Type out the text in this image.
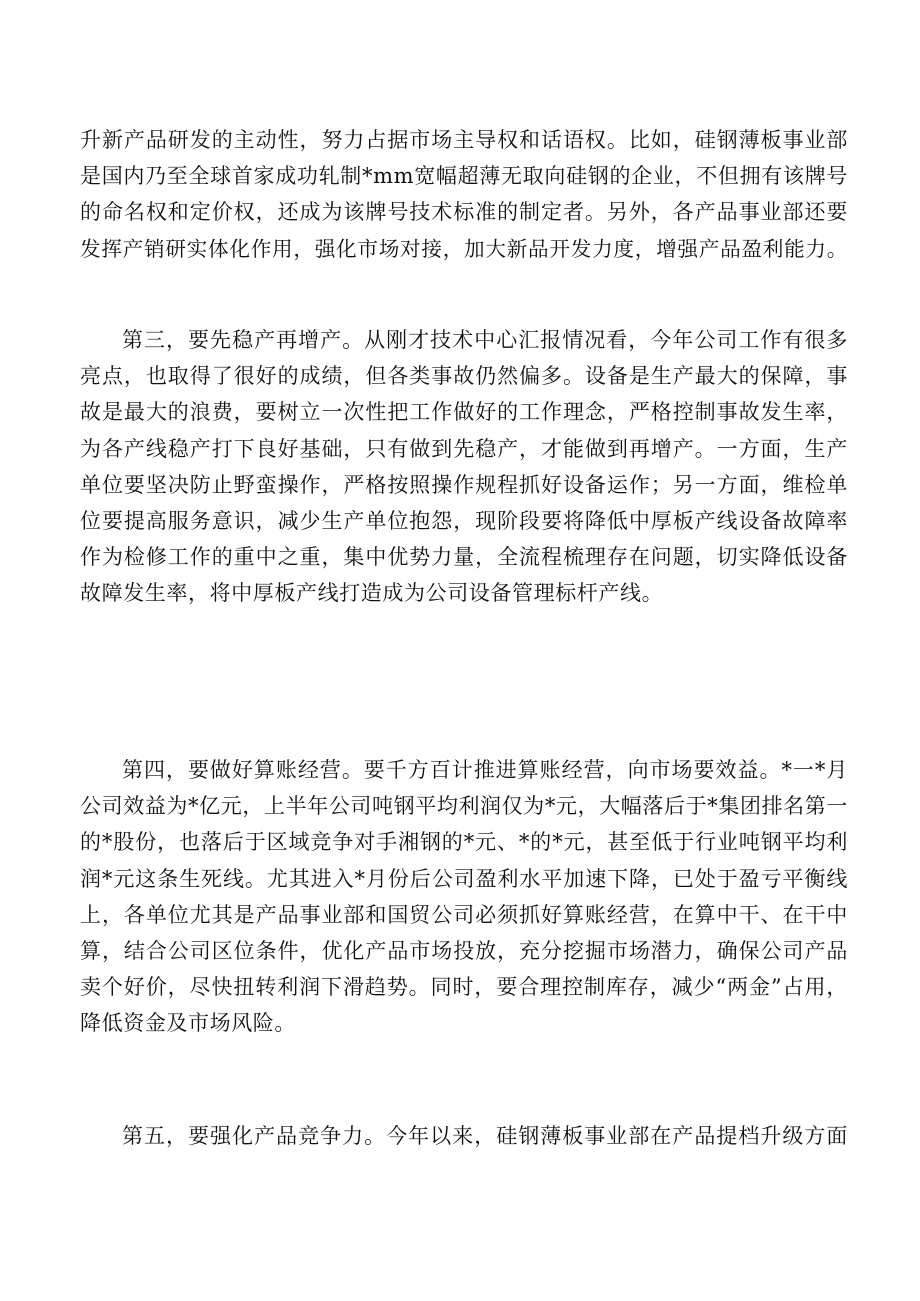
升新产品研发的主动性，努力占据市场主导权和话语权。比如，硅钢薄板事业部
是国内乃至全球首家成功轧制*mm宽幅超薄无取向硅钢的企业，不但拥有该牌号
的命名权和定价权，还成为该牌号技术标准的制定者。另外，各产品事业部还要
发挥产销研实体化作用，强化市场对接，加大新品开发力度，增强产品盈利能力。
第三，要先稳产再增产。从刚才技术中心汇报情况看，今年公司工作有很多
亮点，也取得了很好的成绩，但各类事故仍然偏多。设备是生产最大的保障，事
故是最大的浪费，要树立一次性把工作做好的工作理念，严格控制事故发生率，
为各产线稳产打下良好基础，只有做到先稳产，才能做到再增产。一方面，生产
单位要坚决防止野蛮操作，严格按照操作规程抓好设备运作；另一方面，维检单
位要提高服务意识，减少生产单位抱怨，现阶段要将降低中厚板产线设备故障率
作为检修工作的重中之重，集中优势力量，全流程梳理存在问题，切实降低设备
故障发生率，将中厚板产线打造成为公司设备管理标杆产线。
第四，要做好算账经营。要千方百计推进算账经营，向市场要效益。*一*月
公司效益为*亿元，上半年公司吨钢平均利润仅为*元，大幅落后于*集团排名第一
的*股份，也落后于区域竞争对手湘钢的*元、*的*元，甚至低于行业吨钢平均利
润*元这条生死线。尤其进入*月份后公司盈利水平加速下降，已处于盈亏平衡线
上，各单位尤其是产品事业部和国贸公司必须抓好算账经营，在算中干、在干中
算，结合公司区位条件，优化产品市场投放，充分挖掘市场潜力，确保公司产品
卖个好价，尽快扭转利润下滑趋势。同时，要合理控制库存，减少“两金”占用，
降低资金及市场风险。
第五，要强化产品竞争力。今年以来，硅钢薄板事业部在产品提档升级方面
